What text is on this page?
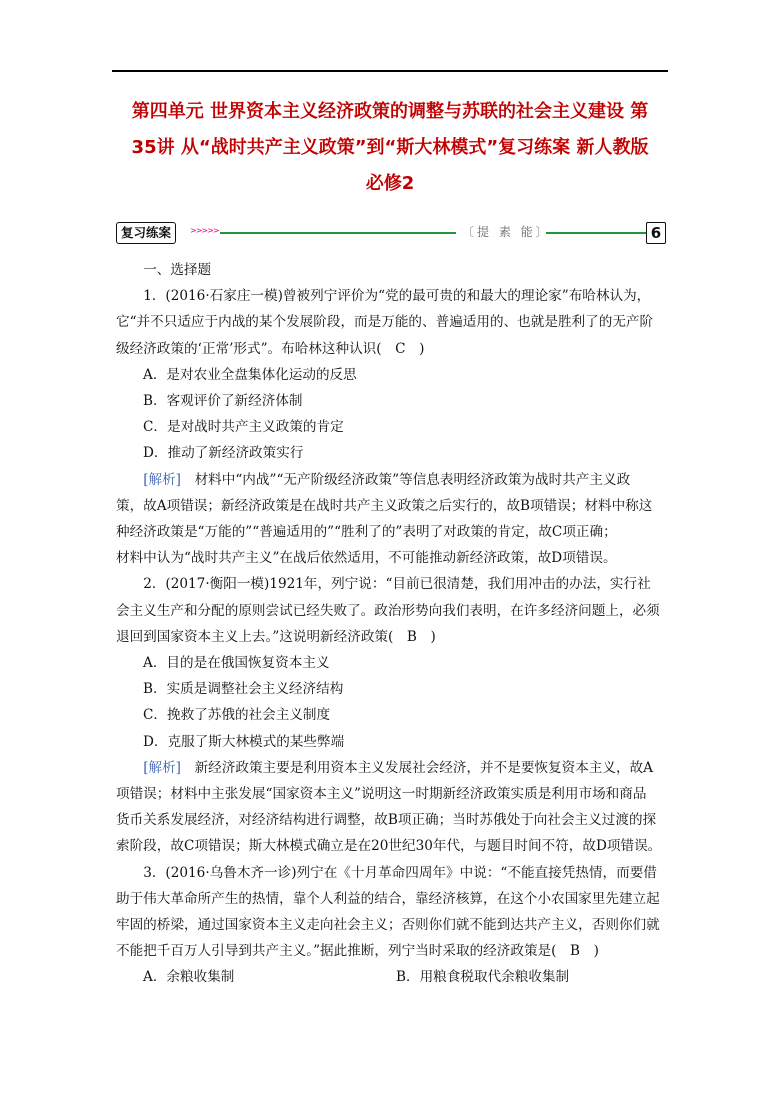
第四单元 世界资本主义经济政策的调整与苏联的社会主义建设 第
35讲 从“战时共产主义政策”到“斯大林模式”复习练案 新人教版
必修2
复习练案	>>>>>	〔提 素 能〕	6

一、选择题

1．(2016·石家庄一模)曾被列宁评价为“党的最可贵的和最大的理论家”布哈林认为，

它“并不只适应于内战的某个发展阶段，而是万能的、普遍适用的、也就是胜利了的无产阶

级经济政策的‘正常’形式”。布哈林这种认识(　C　)

A．是对农业全盘集体化运动的反思

B．客观评价了新经济体制

C．是对战时共产主义政策的肯定

D．推动了新经济政策实行

[解析]　材料中“内战”“无产阶级经济政策”等信息表明经济政策为战时共产主义政

策，故A项错误；新经济政策是在战时共产主义政策之后实行的，故B项错误；材料中称这

种经济政策是“万能的”“普遍适用的”“胜利了的”表明了对政策的肯定，故C项正确；

材料中认为“战时共产主义”在战后依然适用，不可能推动新经济政策，故D项错误。

2．(2017·衡阳一模)1921年，列宁说：“目前已很清楚，我们用冲击的办法，实行社

会主义生产和分配的原则尝试已经失败了。政治形势向我们表明，在许多经济问题上，必须

退回到国家资本主义上去。”这说明新经济政策(　B　)

A．目的是在俄国恢复资本主义

B．实质是调整社会主义经济结构

C．挽救了苏俄的社会主义制度

D．克服了斯大林模式的某些弊端

[解析]　新经济政策主要是利用资本主义发展社会经济，并不是要恢复资本主义，故A

项错误；材料中主张发展“国家资本主义”说明这一时期新经济政策实质是利用市场和商品

货币关系发展经济，对经济结构进行调整，故B项正确；当时苏俄处于向社会主义过渡的探

索阶段，故C项错误；斯大林模式确立是在20世纪30年代，与题目时间不符，故D项错误。

3．(2016·乌鲁木齐一诊)列宁在《十月革命四周年》中说：“不能直接凭热情，而要借

助于伟大革命所产生的热情，靠个人利益的结合，靠经济核算，在这个小农国家里先建立起

牢固的桥梁，通过国家资本主义走向社会主义；否则你们就不能到达共产主义，否则你们就

不能把千百万人引导到共产主义。”据此推断，列宁当时采取的经济政策是(　B　)

A．余粮收集制	B．用粮食税取代余粮收集制
